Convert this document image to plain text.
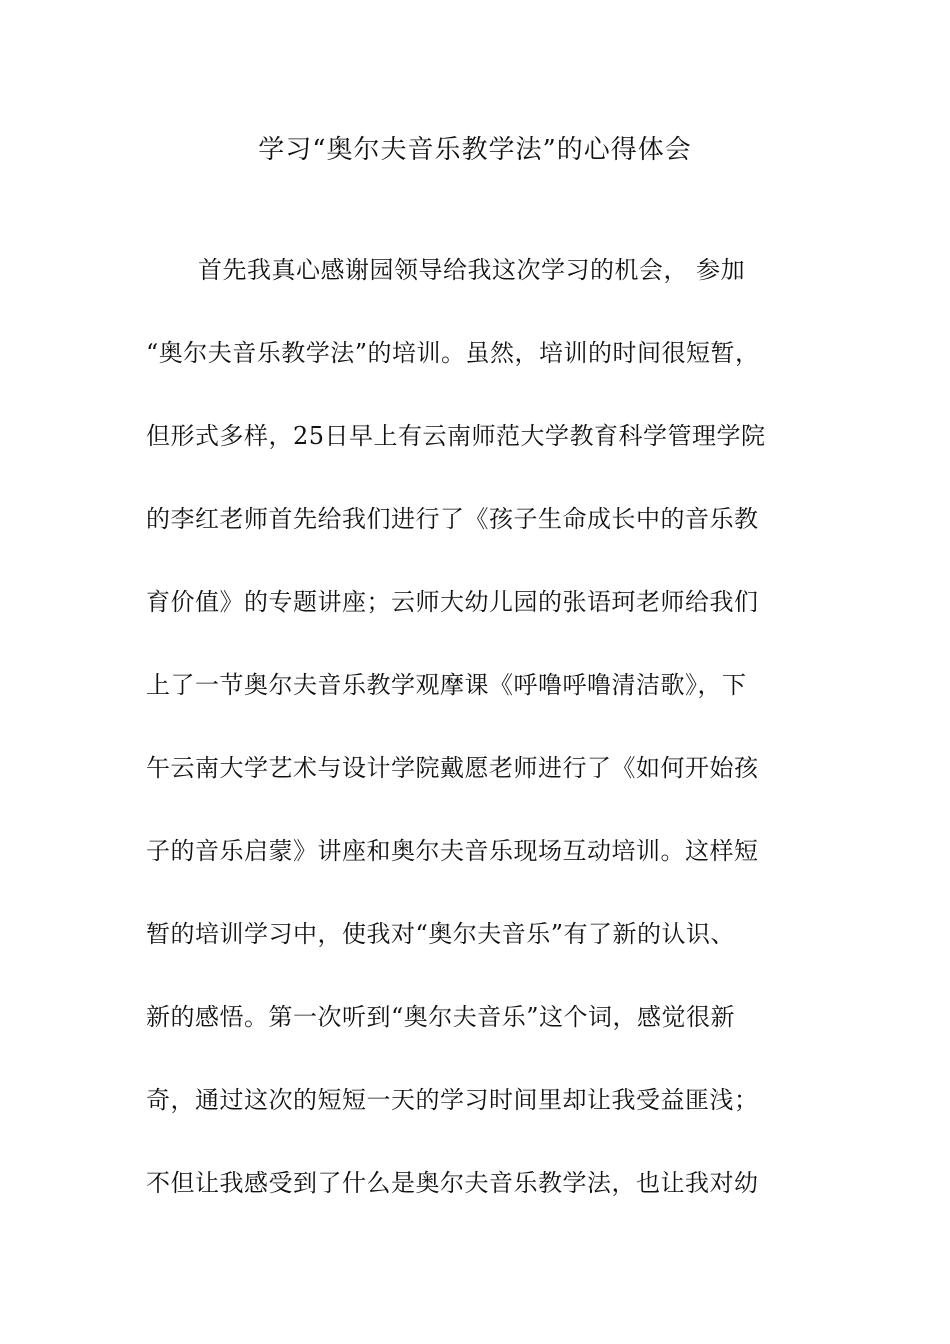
学习“奥尔夫音乐教学法”的心得体会
首先我真心感谢园领导给我这次学习的机会， 参加
“奥尔夫音乐教学法”的培训。虽然，培训的时间很短暂，
但形式多样，25日早上有云南师范大学教育科学管理学院
的李红老师首先给我们进行了《孩子生命成长中的音乐教
育价值》的专题讲座；云师大幼儿园的张语珂老师给我们
上了一节奥尔夫音乐教学观摩课《呼噜呼噜清洁歌》，下
午云南大学艺术与设计学院戴愿老师进行了《如何开始孩
子的音乐启蒙》讲座和奥尔夫音乐现场互动培训。这样短
暂的培训学习中，使我对“奥尔夫音乐”有了新的认识、
新的感悟。第一次听到“奥尔夫音乐”这个词，感觉很新
奇，通过这次的短短一天的学习时间里却让我受益匪浅；
不但让我感受到了什么是奥尔夫音乐教学法，也让我对幼
